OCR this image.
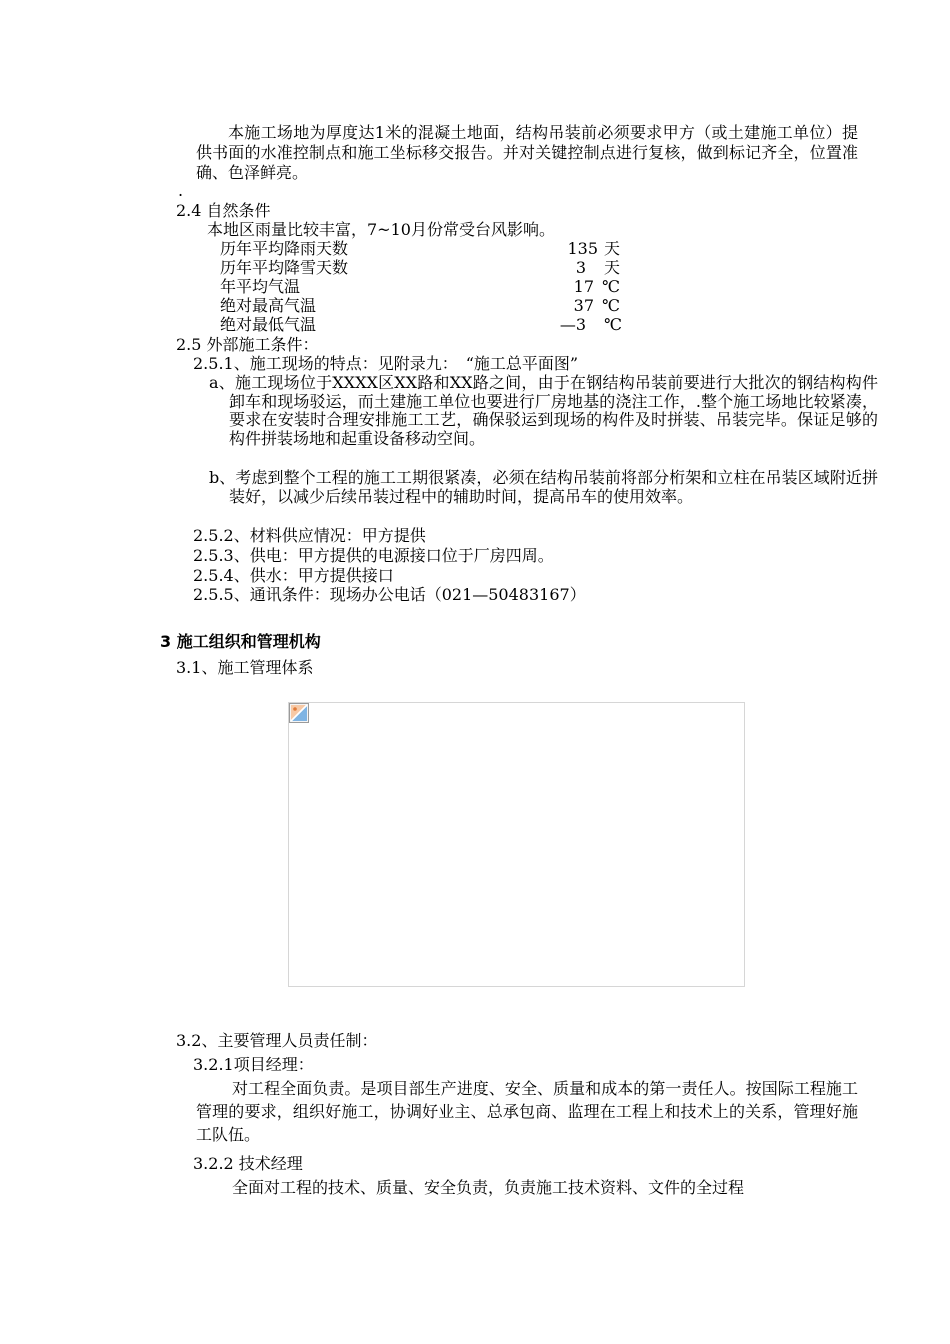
本施工场地为厚度达1米的混凝土地面，结构吊装前必须要求甲方（或土建施工单位）提供书面的水准控制点和施工坐标移交报告。并对关键控制点进行复核，做到标记齐全，位置准确、色泽鲜亮。

.
2.4 自然条件
本地区雨量比较丰富，7~10月份常受台风影响。
历年平均降雨天数	135 天
历年平均降雪天数	3 天
年平均气温	17 ℃
绝对最高气温	37 ℃
绝对最低气温	—3 ℃
2.5 外部施工条件：
2.5.1、施工现场的特点：见附录九：　“施工总平面图”

a、施工现场位于XXXX区XX路和XX路之间，由于在钢结构吊装前要进行大批次的钢结构构件卸车和现场驳运，而土建施工单位也要进行厂房地基的浇注工作，.整个施工场地比较紧凑，要求在安装时合理安排施工工艺，确保驳运到现场的构件及时拼装、吊装完毕。保证足够的构件拼装场地和起重设备移动空间。

b、考虑到整个工程的施工工期很紧凑，必须在结构吊装前将部分桁架和立柱在吊装区域附近拼装好，以减少后续吊装过程中的辅助时间，提高吊车的使用效率。

2.5.2、材料供应情况：甲方提供
2.5.3、供电：甲方提供的电源接口位于厂房四周。
2.5.4、供水：甲方提供接口
2.5.5、通讯条件：现场办公电话（021—50483167）
3 施工组织和管理机构
3.1、施工管理体系
3.2、主要管理人员责任制：
3.2.1项目经理：

对工程全面负责。是项目部生产进度、安全、质量和成本的第一责任人。按国际工程施工管理的要求，组织好施工，协调好业主、总承包商、监理在工程上和技术上的关系，管理好施工队伍。

3.2.2 技术经理
全面对工程的技术、质量、安全负责，负责施工技术资料、文件的全过程
